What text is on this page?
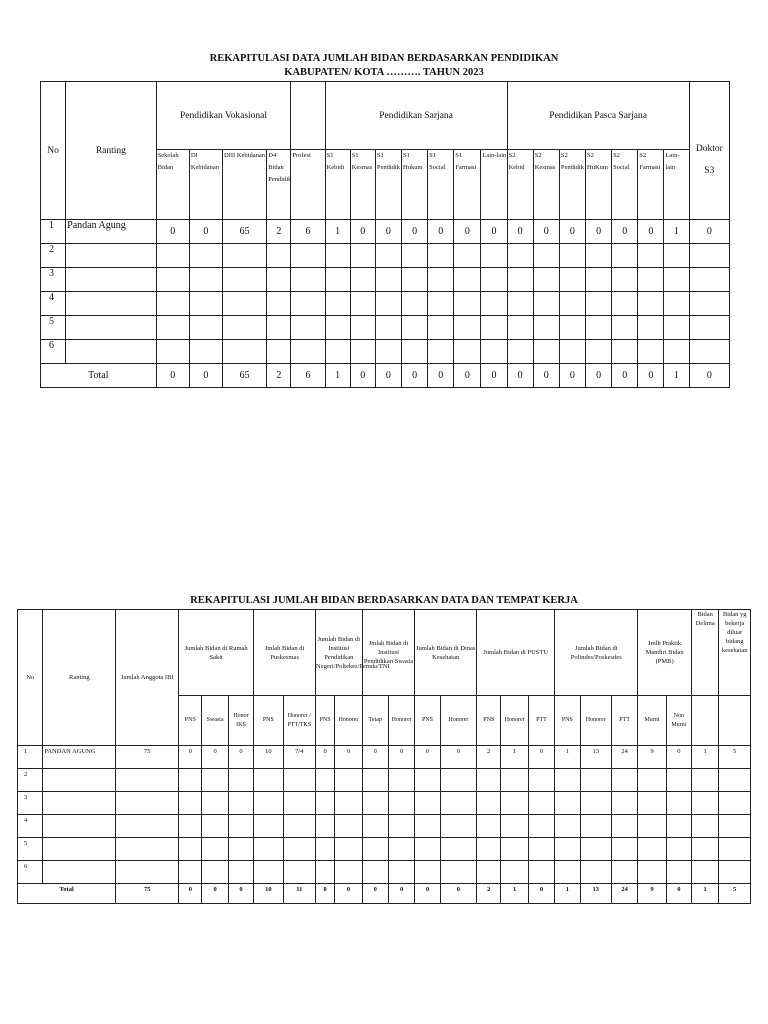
REKAPITULASI DATA JUMLAH BIDAN BERDASARKAN PENDIDIKAN
KABUPATEN/ KOTA ………. TAHUN 2023
No	Ranting	Pendidikan Vokasional					Pendidikan Sarjana							Pendidikan Pasca Sarjana							Doktor
S3

		Sekolah Bidan	DI Kebidanan	DIII Kebidanan	D4 Bidan Pendidik	Profesi	S1 Kebidi	S1 Kesmas	S1 Pendidik	S1 Hukum	S1 Social	S1 Farmasi	Lain-lain	S2 Kebid	S2 Kesmas	S2 Pendidik	S2 HuKum	S2 Social	S2 Farmasi	Lain-lain	
1	Pandan Agung	0	0	65	2	6	1	0	0	0	0	0	0	0	0	0	0	0	0	1	0
2																					
3																					
4																					
5																					
6																					
Total		0	0	65	2	6	1	0	0	0	0	0	0	0	0	0	0	0	0	1	0
REKAPITULASI JUMLAH BIDAN BERDASARKAN DATA DAN TEMPAT KERJA
No	Ranting	Jumlah Anggota IBI	Jumlah Bidan di Rumah Sakit			Jmlah Bidan di Puskesmas		Jumlah Bidan di Institusi Pendidikan Negeri/Poltekes/Pemda/TNI		Jmlah Bidan di Institusi Pendidikan Swasta		Jumlah Bidan di Dinas Kesehatan		Jumlah Bidan di PUSTU			Jumlah Bidan di Polindes/Poskesdes			Jmlh Praktik Mandiri Bidan (PMB)		Bidan Delima	Bidan yg bekerja diluar bidang kesehatan
			PNS	Swasta	Honor IKS	PNS	Honorer / PTT/TKS	PNS	Honorer	Tetap	Honorer	PNS	Honorer	PNS	Honorer	PTT	PNS	Honorer	PTT	Murni	Non Murni		
1	PANDAN AGUNG	75	0	0	0	10	7/4	0	0	0	0	0	0	2	1	0	1	13	24	9	0	1	5
2																							
3																							
4																							
5																							
6																							
Total		75	0	0	0	10	11	0	0	0	0	0	0	2	1	0	1	13	24	9	0	1	5
